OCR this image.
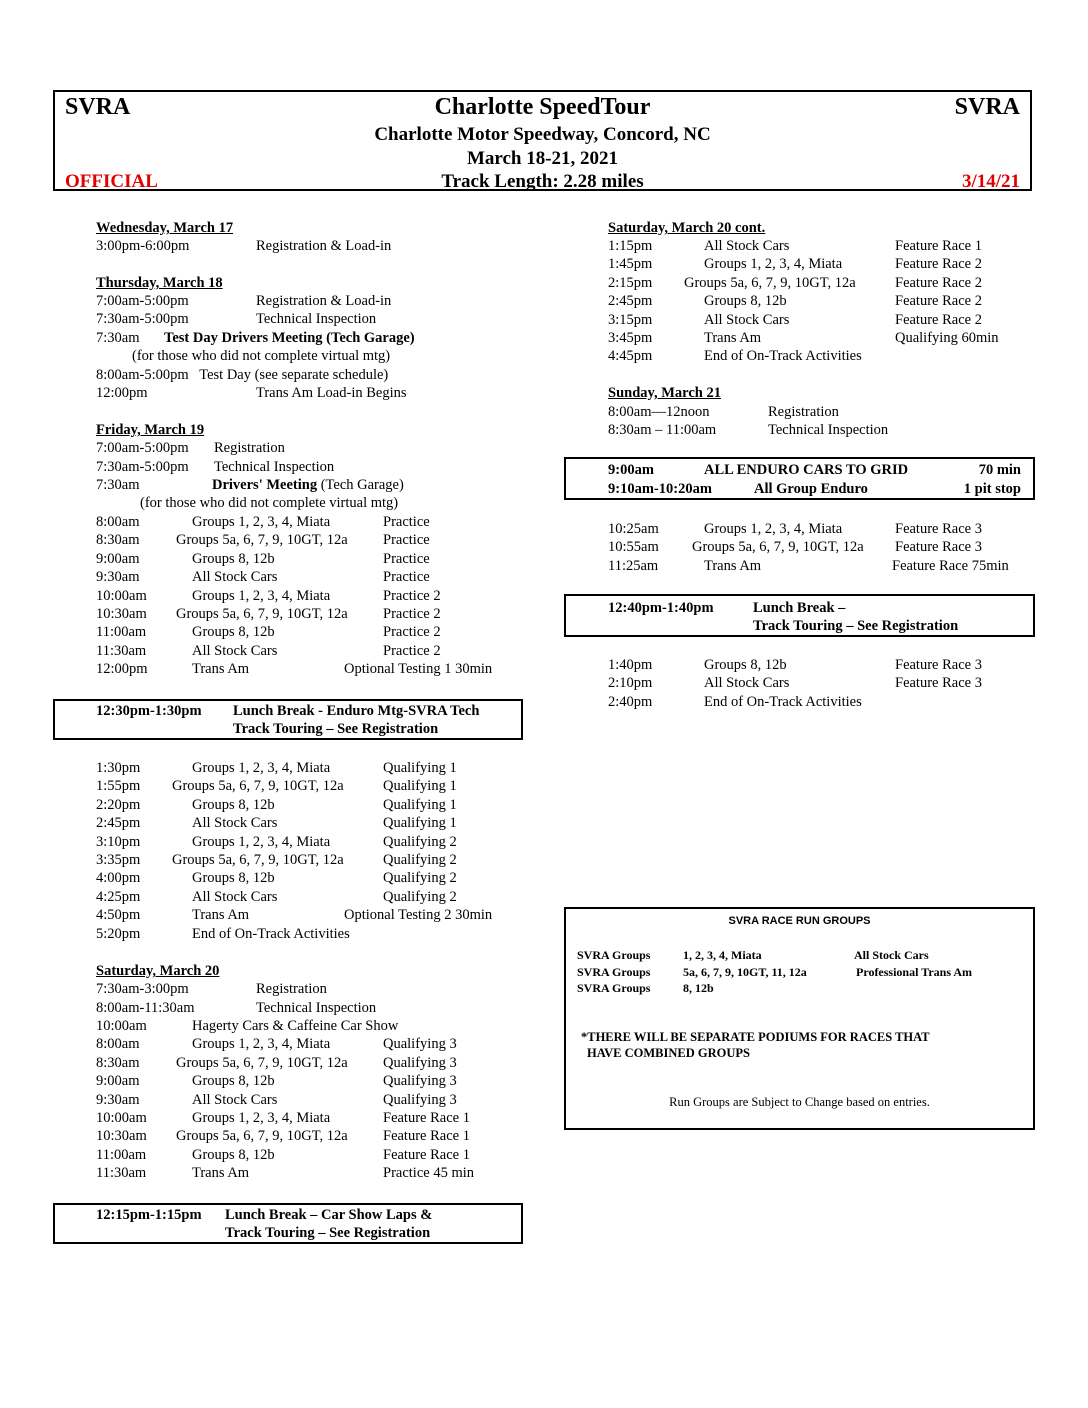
SVRA	Charlotte SpeedTour	SVRA
Charlotte Motor Speedway, Concord, NC
March 18-21, 2021
OFFICIAL	Track Length: 2.28 miles	3/14/21
Wednesday, March 17
3:00pm-6:00pm	Registration & Load-in
Thursday, March 18
7:00am-5:00pm	Registration & Load-in
7:30am-5:00pm	Technical Inspection
7:30am Test Day Drivers Meeting (Tech Garage)
(for those who did not complete virtual mtg)
8:00am-5:00pm   Test Day (see separate schedule)
12:00pm	Trans Am Load-in Begins
Friday, March 19
7:00am-5:00pm Registration
7:30am-5:00pm Technical Inspection
7:30am	Drivers' Meeting (Tech Garage)
(for those who did not complete virtual mtg)
8:00am	Groups 1, 2, 3, 4, Miata	Practice
8:30am	Groups 5a, 6, 7, 9, 10GT, 12a Practice
9:00am	Groups 8, 12b	Practice
9:30am	All Stock Cars	Practice
10:00am	Groups 1, 2, 3, 4, Miata	Practice 2
10:30am Groups 5a, 6, 7, 9, 10GT, 12a Practice 2
11:00am	Groups 8, 12b	Practice 2
11:30am	All Stock Cars	Practice 2
12:00pm	Trans Am	Optional Testing 1 30min
12:30pm-1:30pm Lunch Break - Enduro Mtg-SVRA Tech
Track Touring – See Registration
1:30pm	Groups 1, 2, 3, 4, Miata	Qualifying 1
1:55pm Groups 5a, 6, 7, 9, 10GT, 12a	Qualifying 1
2:20pm	Groups 8, 12b	Qualifying 1
2:45pm	All Stock Cars	Qualifying 1
3:10pm	Groups 1, 2, 3, 4, Miata	Qualifying 2
3:35pm Groups 5a, 6, 7, 9, 10GT, 12a	Qualifying 2
4:00pm	Groups 8, 12b	Qualifying 2
4:25pm	All Stock Cars	Qualifying 2
4:50pm	Trans Am	Optional Testing 2 30min
5:20pm	End of On-Track Activities
Saturday, March 20
7:30am-3:00pm	Registration
8:00am-11:30am	Technical Inspection
10:00am	Hagerty Cars & Caffeine Car Show
8:00am	Groups 1, 2, 3, 4, Miata	Qualifying 3
8:30am	Groups 5a, 6, 7, 9, 10GT, 12a Qualifying 3
9:00am	Groups 8, 12b	Qualifying 3
9:30am	All Stock Cars	Qualifying 3
10:00am	Groups 1, 2, 3, 4, Miata	Feature Race 1
10:30am Groups 5a, 6, 7, 9, 10GT, 12a Feature Race 1
11:00am	Groups 8, 12b	Feature Race 1
11:30am	Trans Am	Practice 45 min
12:15pm-1:15pm Lunch Break – Car Show Laps &
Track Touring – See Registration
Saturday, March 20 cont.
1:15pm	All Stock Cars	Feature Race 1
1:45pm	Groups 1, 2, 3, 4, Miata	Feature Race 2
2:15pm Groups 5a, 6, 7, 9, 10GT, 12a	Feature Race 2
2:45pm	Groups 8, 12b	Feature Race 2
3:15pm	All Stock Cars	Feature Race 2
3:45pm	Trans Am	Qualifying 60min
4:45pm	End of On-Track Activities
Sunday, March 21
8:00am—12noon	Registration
8:30am – 11:00am	Technical Inspection
9:00am	ALL ENDURO CARS TO GRID	70 min
9:10am-10:20am	All Group Enduro	1 pit stop
10:25am	Groups 1, 2, 3, 4, Miata	Feature Race 3
10:55am Groups 5a, 6, 7, 9, 10GT, 12a Feature Race 3
11:25am	Trans Am	Feature Race 75min
12:40pm-1:40pm	Lunch Break –
Track Touring – See Registration
1:40pm	Groups 8, 12b	Feature Race 3
2:10pm	All Stock Cars	Feature Race 3
2:40pm	End of On-Track Activities
SVRA RACE RUN GROUPS
SVRA Groups	1, 2, 3, 4, Miata	All Stock Cars
SVRA Groups	5a, 6, 7, 9, 10GT, 11, 12a	Professional Trans Am
SVRA Groups	8, 12b
*THERE WILL BE SEPARATE PODIUMS FOR RACES THAT
HAVE COMBINED GROUPS
Run Groups are Subject to Change based on entries.
